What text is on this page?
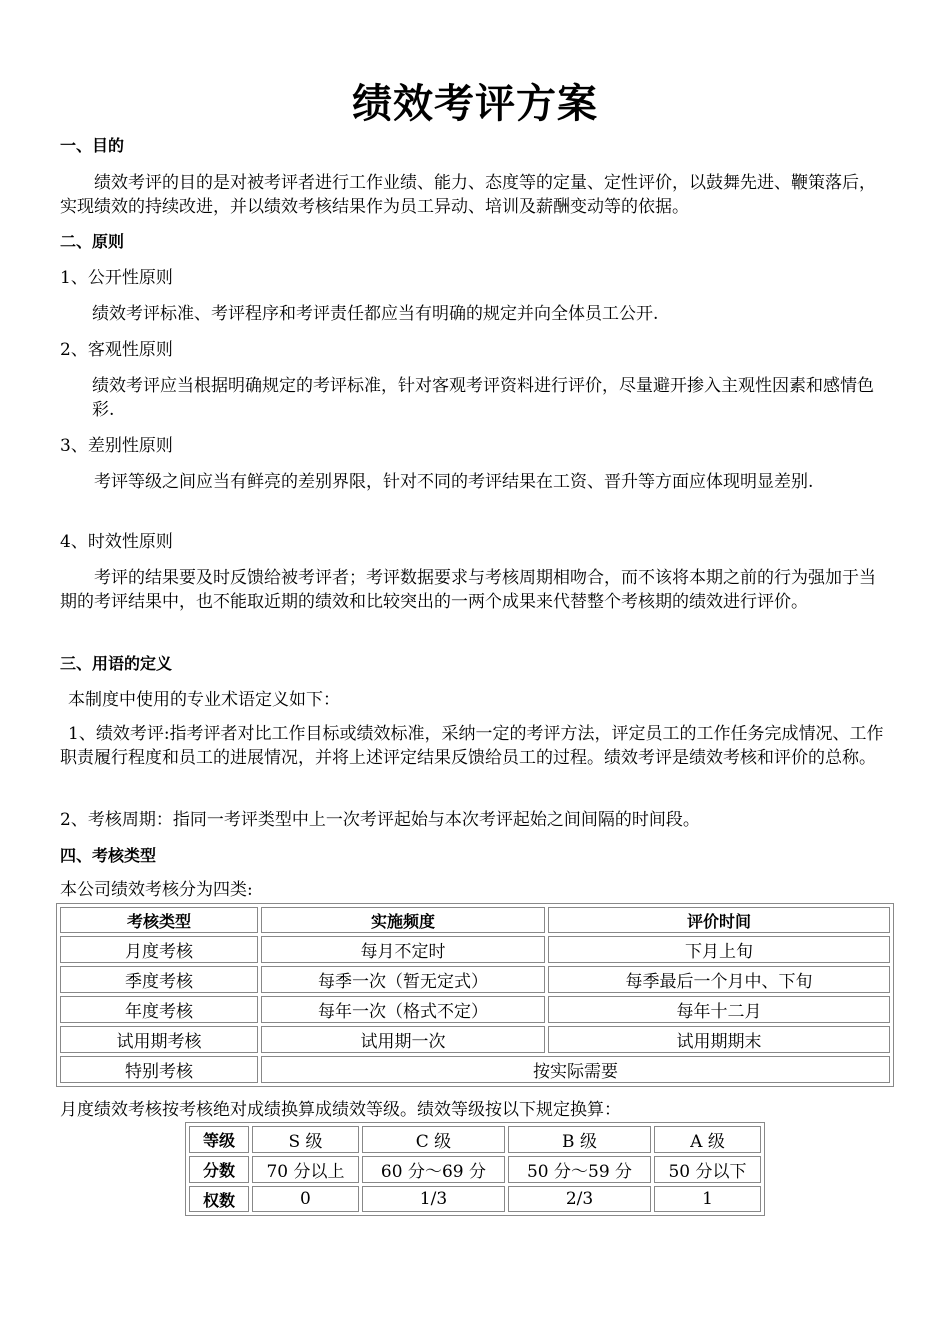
绩效考评方案
一、目的
绩效考评的目的是对被考评者进行工作业绩、能力、态度等的定量、定性评价，以鼓舞先进、鞭策落后，实现绩效的持续改进，并以绩效考核结果作为员工异动、培训及薪酬变动等的依据。
二、原则
1、公开性原则
绩效考评标准、考评程序和考评责任都应当有明确的规定并向全体员工公开.
2、客观性原则
绩效考评应当根据明确规定的考评标准，针对客观考评资料进行评价，尽量避开掺入主观性因素和感情色彩.
3、差别性原则
考评等级之间应当有鲜亮的差别界限，针对不同的考评结果在工资、晋升等方面应体现明显差别.
4、时效性原则
考评的结果要及时反馈给被考评者；考评数据要求与考核周期相吻合，而不该将本期之前的行为强加于当期的考评结果中，也不能取近期的绩效和比较突出的一两个成果来代替整个考核期的绩效进行评价。
三、用语的定义
本制度中使用的专业术语定义如下：
1、绩效考评:指考评者对比工作目标或绩效标准，采纳一定的考评方法，评定员工的工作任务完成情况、工作职责履行程度和员工的进展情况，并将上述评定结果反馈给员工的过程。绩效考评是绩效考核和评价的总称。
2、考核周期：指同一考评类型中上一次考评起始与本次考评起始之间间隔的时间段。
四、考核类型
本公司绩效考核分为四类:
考核类型	实施频度	评价时间
月度考核	每月不定时	下月上旬
季度考核	每季一次（暂无定式）	每季最后一个月中、下旬
年度考核	每年一次（格式不定）	每年十二月
试用期考核	试用期一次	试用期期末
特别考核	按实际需要	
月度绩效考核按考核绝对成绩换算成绩效等级。绩效等级按以下规定换算：
等级	S 级	C 级	B 级	A 级
分数	70 分以上	60 分～69 分	50 分～59 分	50 分以下
权数	0	1/3	2/3	1
